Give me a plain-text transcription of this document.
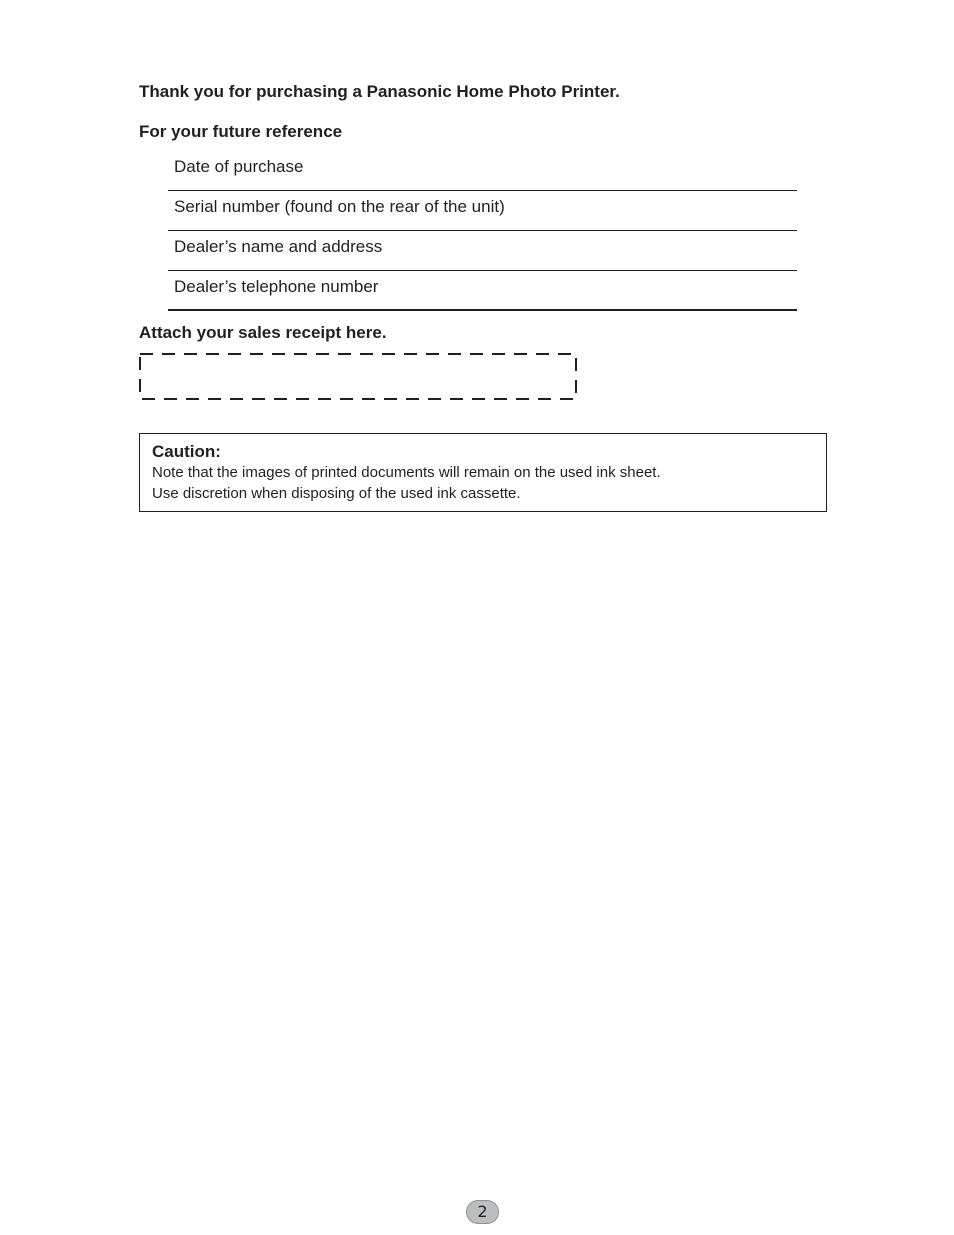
Thank you for purchasing a Panasonic Home Photo Printer.

For your future reference

Date of purchase
Serial number (found on the rear of the unit)
Dealer’s name and address
Dealer’s telephone number

Attach your sales receipt here.

Caution:
Note that the images of printed documents will remain on the used ink sheet.
Use discretion when disposing of the used ink cassette.
2
